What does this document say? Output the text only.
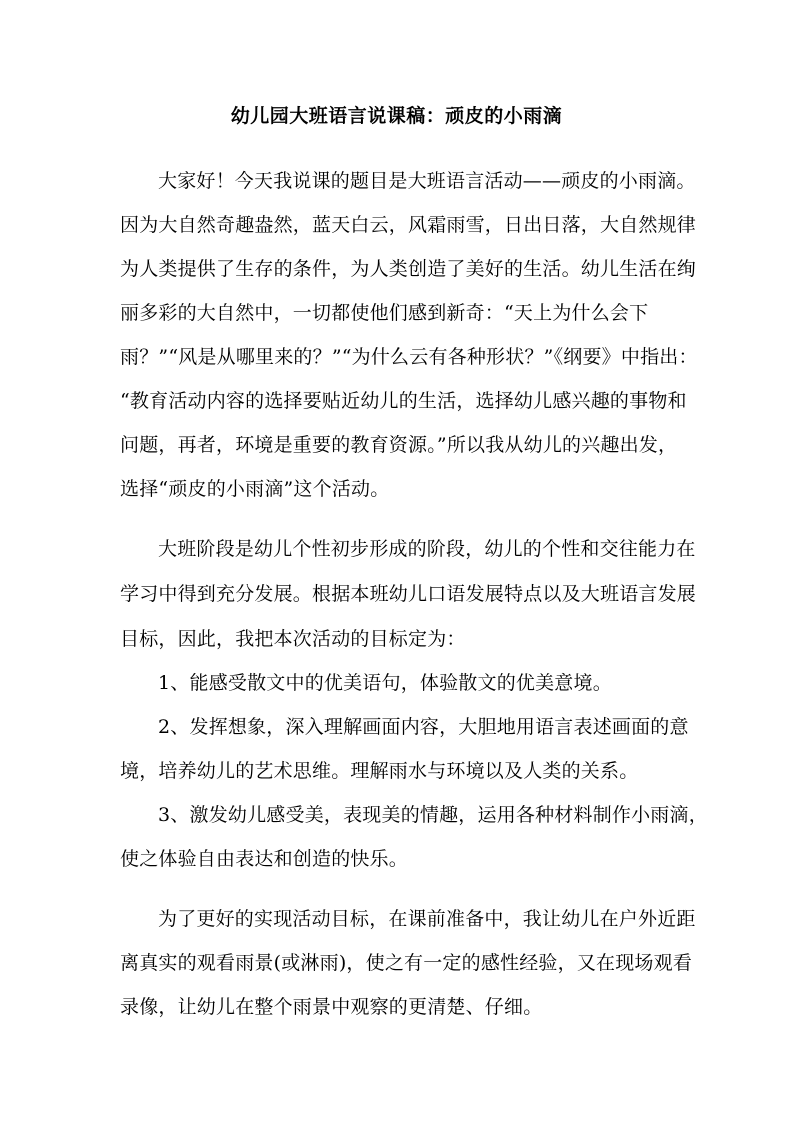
幼儿园大班语言说课稿：顽皮的小雨滴
大家好！今天我说课的题目是大班语言活动——顽皮的小雨滴。
因为大自然奇趣盎然，蓝天白云，风霜雨雪，日出日落，大自然规律
为人类提供了生存的条件，为人类创造了美好的生活。幼儿生活在绚
丽多彩的大自然中，一切都使他们感到新奇：“天上为什么会下
雨？”“风是从哪里来的？”“为什么云有各种形状？”《纲要》中指出：
“教育活动内容的选择要贴近幼儿的生活，选择幼儿感兴趣的事物和
问题，再者，环境是重要的教育资源。”所以我从幼儿的兴趣出发，
选择“顽皮的小雨滴”这个活动。
大班阶段是幼儿个性初步形成的阶段，幼儿的个性和交往能力在
学习中得到充分发展。根据本班幼儿口语发展特点以及大班语言发展
目标，因此，我把本次活动的目标定为：
1、能感受散文中的优美语句，体验散文的优美意境。
2、发挥想象，深入理解画面内容，大胆地用语言表述画面的意
境，培养幼儿的艺术思维。理解雨水与环境以及人类的关系。
3、激发幼儿感受美，表现美的情趣，运用各种材料制作小雨滴，
使之体验自由表达和创造的快乐。
为了更好的实现活动目标，在课前准备中，我让幼儿在户外近距
离真实的观看雨景(或淋雨)，使之有一定的感性经验，又在现场观看
录像，让幼儿在整个雨景中观察的更清楚、仔细。
